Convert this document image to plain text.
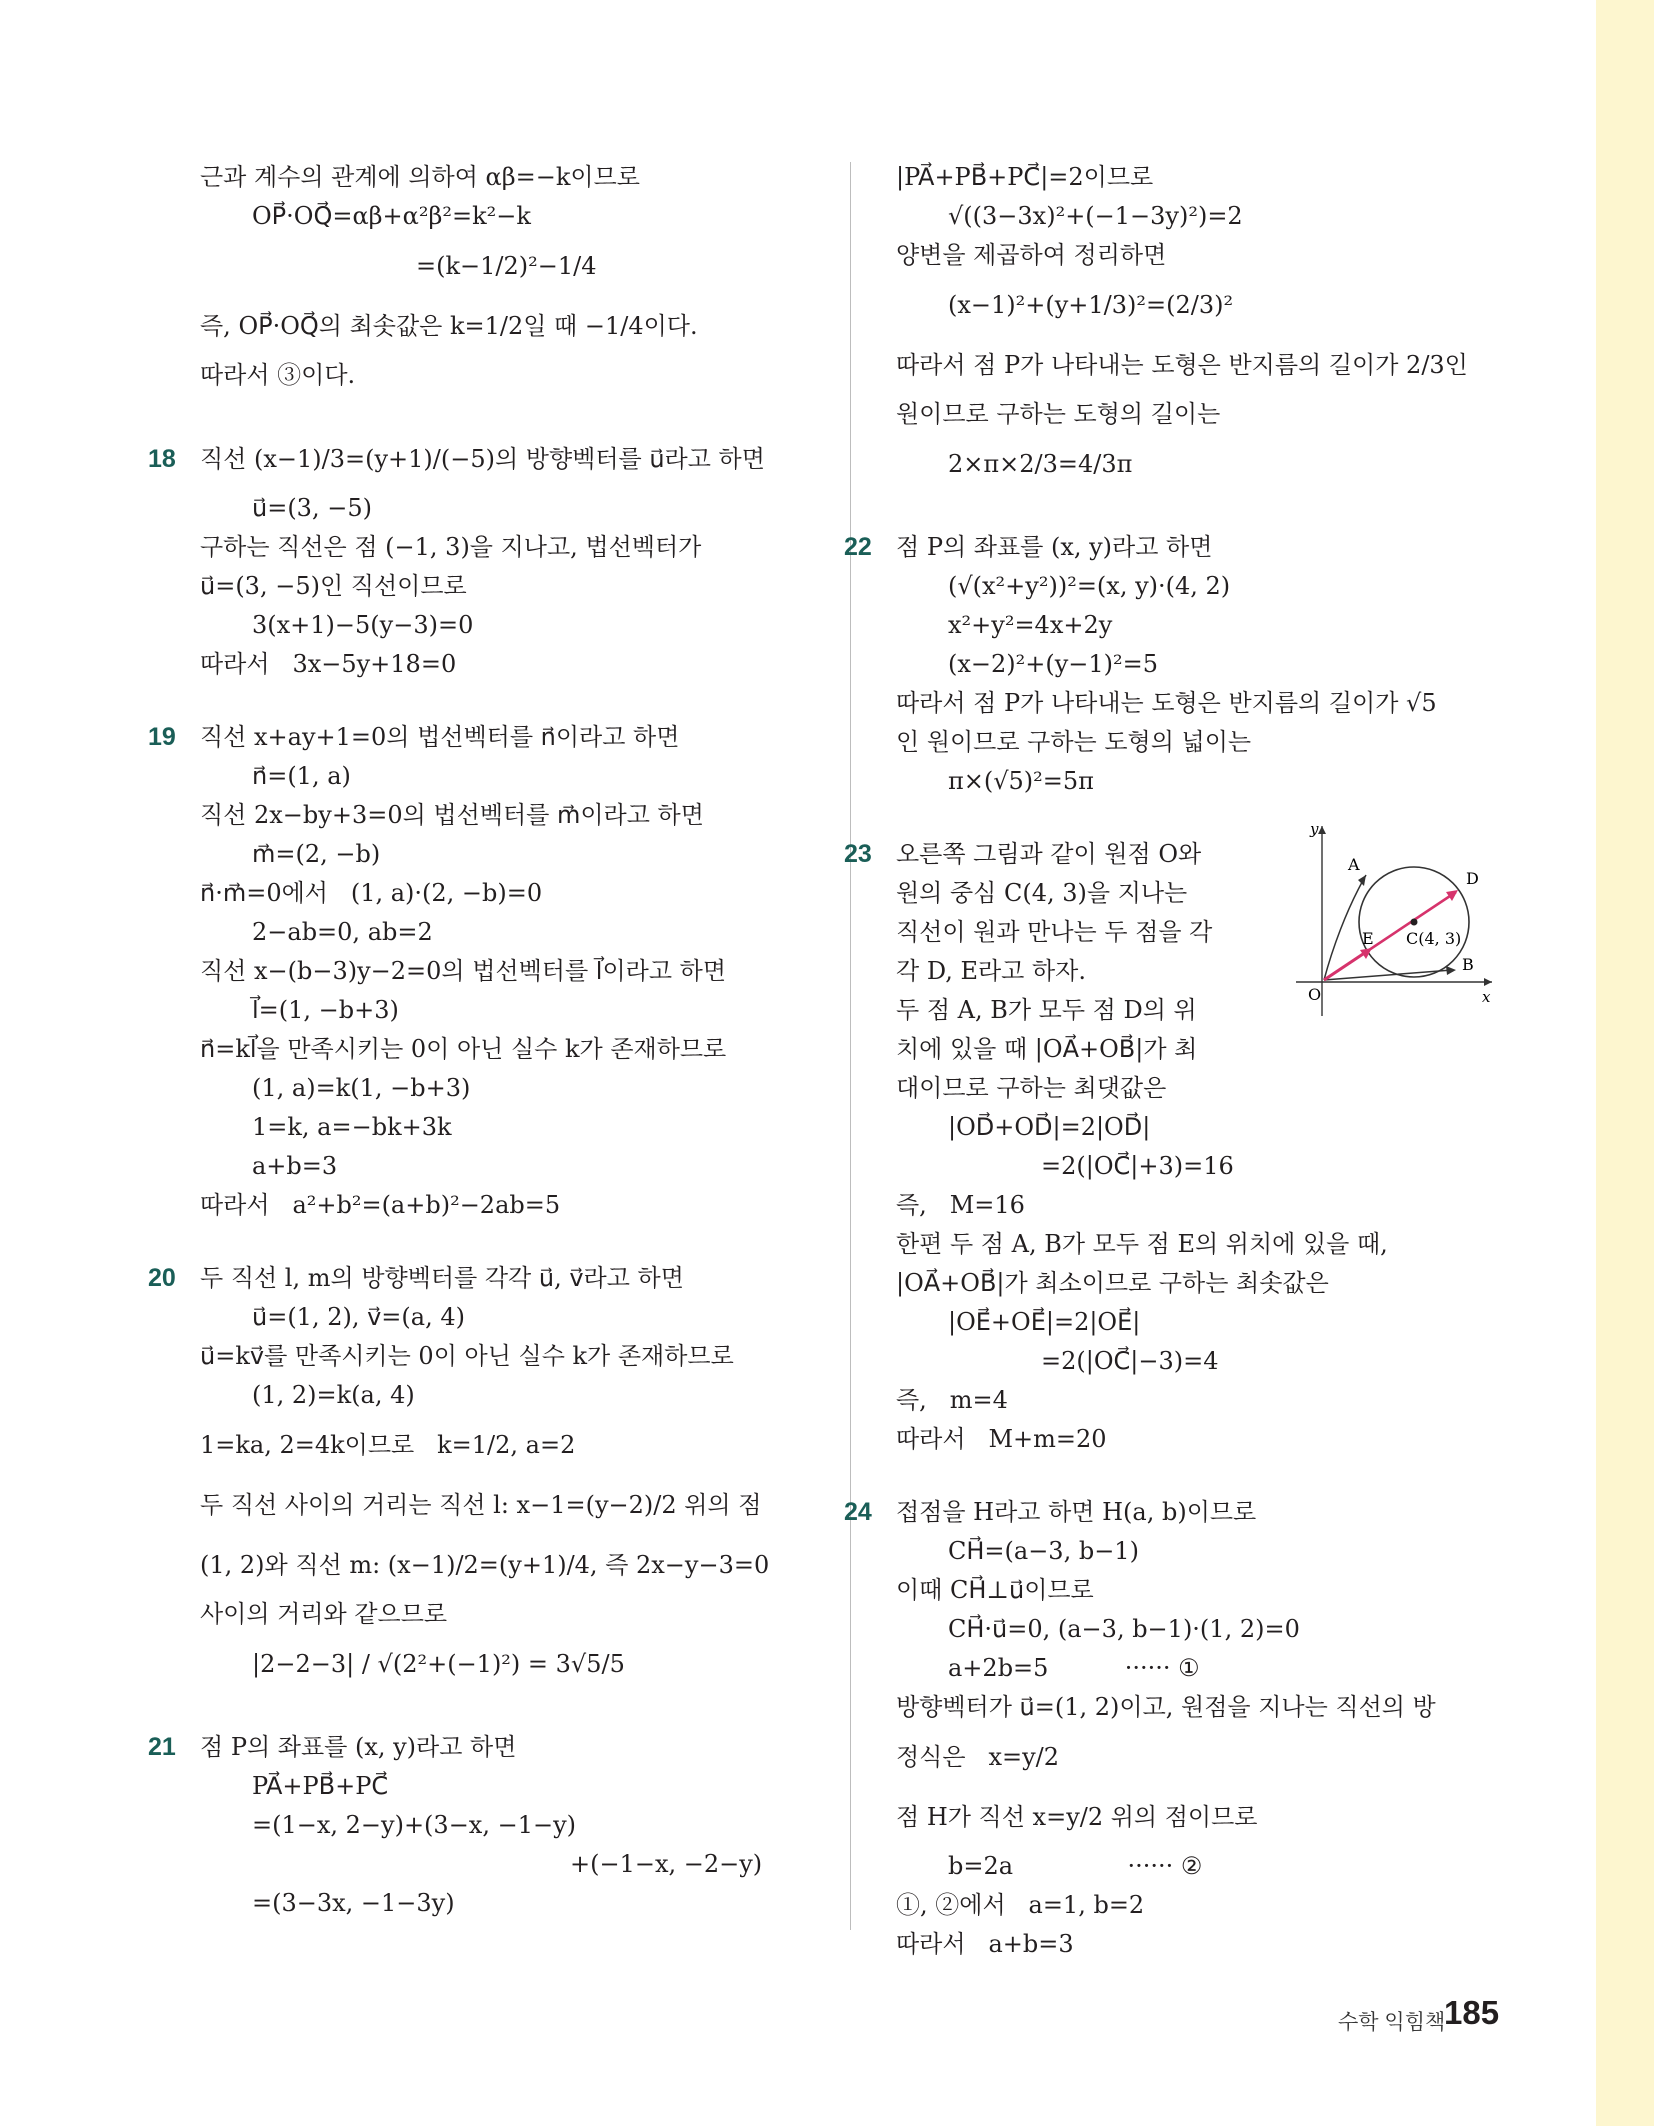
근과 계수의 관계에 의하여 αβ=−k이므로
OP⃗·OQ⃗=αβ+α²β²=k²−k
=(k−1/2)²−1/4
즉, OP⃗·OQ⃗의 최솟값은 k=1/2일 때 −1/4이다.
따라서 ③이다.
18 직선 (x−1)/3=(y+1)/(−5)의 방향벡터를 u⃗라고 하면
u⃗=(3, −5)
구하는 직선은 점 (−1, 3)을 지나고, 법선벡터가
u⃗=(3, −5)인 직선이므로
3(x+1)−5(y−3)=0
따라서   3x−5y+18=0
19 직선 x+ay+1=0의 법선벡터를 n⃗이라고 하면
n⃗=(1, a)
직선 2x−by+3=0의 법선벡터를 m⃗이라고 하면
m⃗=(2, −b)
n⃗·m⃗=0에서   (1, a)·(2, −b)=0
2−ab=0, ab=2
직선 x−(b−3)y−2=0의 법선벡터를 l⃗이라고 하면
l⃗=(1, −b+3)
n⃗=kl⃗을 만족시키는 0이 아닌 실수 k가 존재하므로
(1, a)=k(1, −b+3)
1=k, a=−bk+3k
a+b=3
따라서   a²+b²=(a+b)²−2ab=5
20 두 직선 l, m의 방향벡터를 각각 u⃗, v⃗라고 하면
u⃗=(1, 2), v⃗=(a, 4)
u⃗=kv⃗를 만족시키는 0이 아닌 실수 k가 존재하므로
(1, 2)=k(a, 4)
1=ka, 2=4k이므로   k=1/2, a=2
두 직선 사이의 거리는 직선 l: x−1=(y−2)/2 위의 점
(1, 2)와 직선 m: (x−1)/2=(y+1)/4, 즉 2x−y−3=0
사이의 거리와 같으므로
|2−2−3| / √(2²+(−1)²) = 3√5/5
21 점 P의 좌표를 (x, y)라고 하면
PA⃗+PB⃗+PC⃗
=(1−x, 2−y)+(3−x, −1−y)
+(−1−x, −2−y)
=(3−3x, −1−3y)
|PA⃗+PB⃗+PC⃗|=2이므로
√((3−3x)²+(−1−3y)²)=2
양변을 제곱하여 정리하면
(x−1)²+(y+1/3)²=(2/3)²
따라서 점 P가 나타내는 도형은 반지름의 길이가 2/3인
원이므로 구하는 도형의 길이는
2×π×2/3=4/3π
22 점 P의 좌표를 (x, y)라고 하면
(√(x²+y²))²=(x, y)·(4, 2)
x²+y²=4x+2y
(x−2)²+(y−1)²=5
따라서 점 P가 나타내는 도형은 반지름의 길이가 √5
인 원이므로 구하는 도형의 넓이는
π×(√5)²=5π
23 오른쪽 그림과 같이 원점 O와
원의 중심 C(4, 3)을 지나는
직선이 원과 만나는 두 점을 각
각 D, E라고 하자.
두 점 A, B가 모두 점 D의 위
치에 있을 때 |OA⃗+OB⃗|가 최
대이므로 구하는 최댓값은
|OD⃗+OD⃗|=2|OD⃗|
=2(|OC⃗|+3)=16
즉,   M=16
한편 두 점 A, B가 모두 점 E의 위치에 있을 때,
|OA⃗+OB⃗|가 최소이므로 구하는 최솟값은
|OE⃗+OE⃗|=2|OE⃗|
=2(|OC⃗|−3)=4
즉,   m=4
따라서   M+m=20
24 접점을 H라고 하면 H(a, b)이므로
CH⃗=(a−3, b−1)
이때 CH⃗⊥u⃗이므로
CH⃗·u⃗=0, (a−3, b−1)·(1, 2)=0
a+2b=5          ······ ①
방향벡터가 u⃗=(1, 2)이고, 원점을 지나는 직선의 방
정식은   x=y/2
점 H가 직선 x=y/2 위의 점이므로
b=2a               ······ ②
①, ②에서   a=1, b=2
따라서   a+b=3
y
x
O
A
D
E C(4, 3)
B
수학 익힘책
185
